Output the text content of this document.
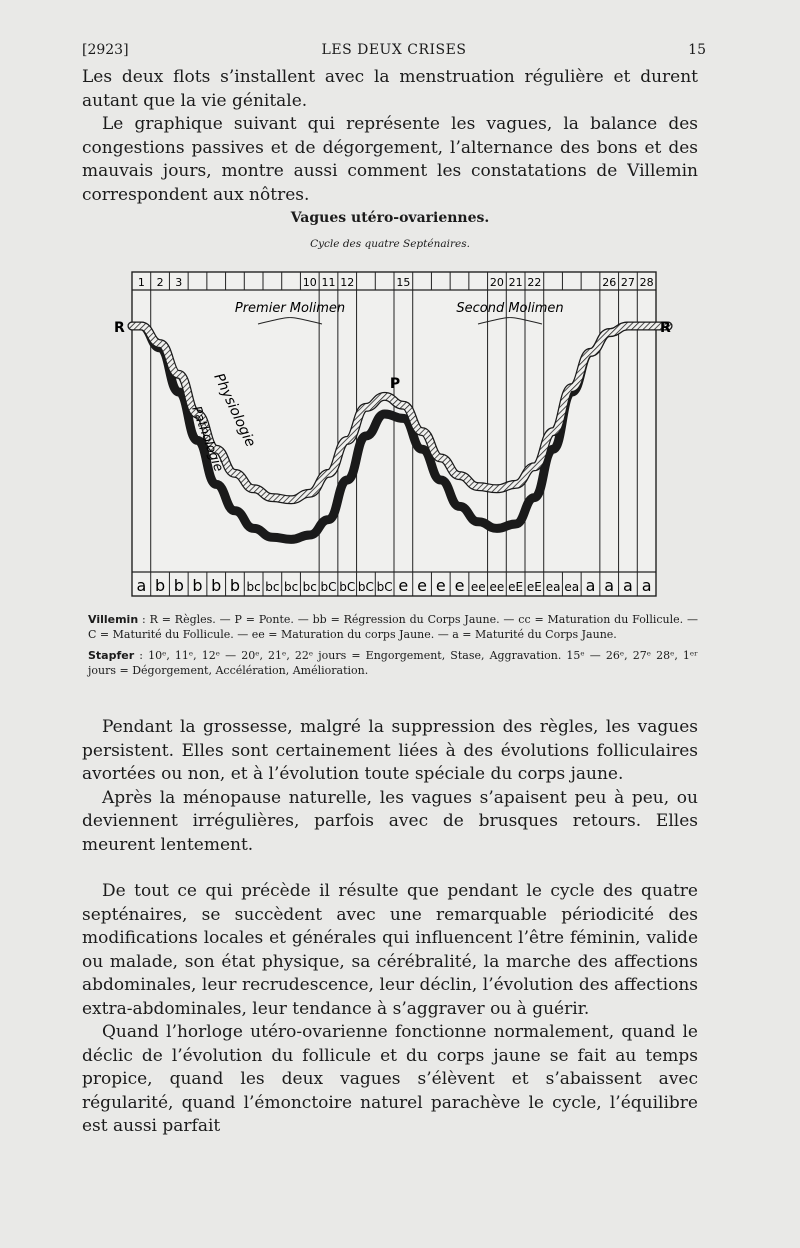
[2923]	LES DEUX CRISES	15

Les deux flots s’installent avec la menstruation régulière et durent autant que la vie génitale.

Le graphique suivant qui représente les vagues, la balance des congestions passives et de dégorgement, l’alternance des bons et des mauvais jours, montre aussi comment les constatations de Villemin correspondent aux nôtres.

Vagues utéro-ovariennes.
Cycle des quatre Septénaires.
1 2 3	10 11 12	15	20 21 22	26 27 28
a b b b b b bc bc bc bc bC bC bC bC e e e e ee ee eE eE ea ea a a a a
Premier Molimen	Second Molimen
R	R
P
Physiologie
Pathologie

Villemin : R = Règles. — P = Ponte. — bb = Régression du Corps Jaune. — cc = Maturation du Follicule. — C = Maturité du Follicule. — eе = Maturation du corps Jaune. — a = Maturité du Corps Jaune.

Stapfer : 10ᵉ, 11ᵉ, 12ᵉ — 20ᵉ, 21ᵉ, 22ᵉ jours = Engorgement, Stase, Aggravation. 15ᵉ — 26ᵉ, 27ᵉ 28ᵉ, 1ᵉʳ jours = Dégorgement, Accélération, Amélioration.

Pendant la grossesse, malgré la suppression des règles, les vagues persistent. Elles sont certainement liées à des évolutions folliculaires avortées ou non, et à l’évolution toute spéciale du corps jaune.

Après la ménopause naturelle, les vagues s’apaisent peu à peu, ou deviennent irrégulières, parfois avec de brusques retours. Elles meurent lentement.

De tout ce qui précède il résulte que pendant le cycle des quatre septénaires, se succèdent avec une remarquable périodicité des modifications locales et générales qui influencent l’être féminin, valide ou malade, son état physique, sa cérébralité, la marche des affections abdominales, leur recrudescence, leur déclin, l’évolution des affections extra-abdominales, leur tendance à s’aggraver ou à guérir.

Quand l’horloge utéro-ovarienne fonctionne normalement, quand le déclic de l’évolution du follicule et du corps jaune se fait au temps propice, quand les deux vagues s’élèvent et s’abaissent avec régularité, quand l’émonctoire naturel parachève le cycle, l’équilibre est aussi parfait
